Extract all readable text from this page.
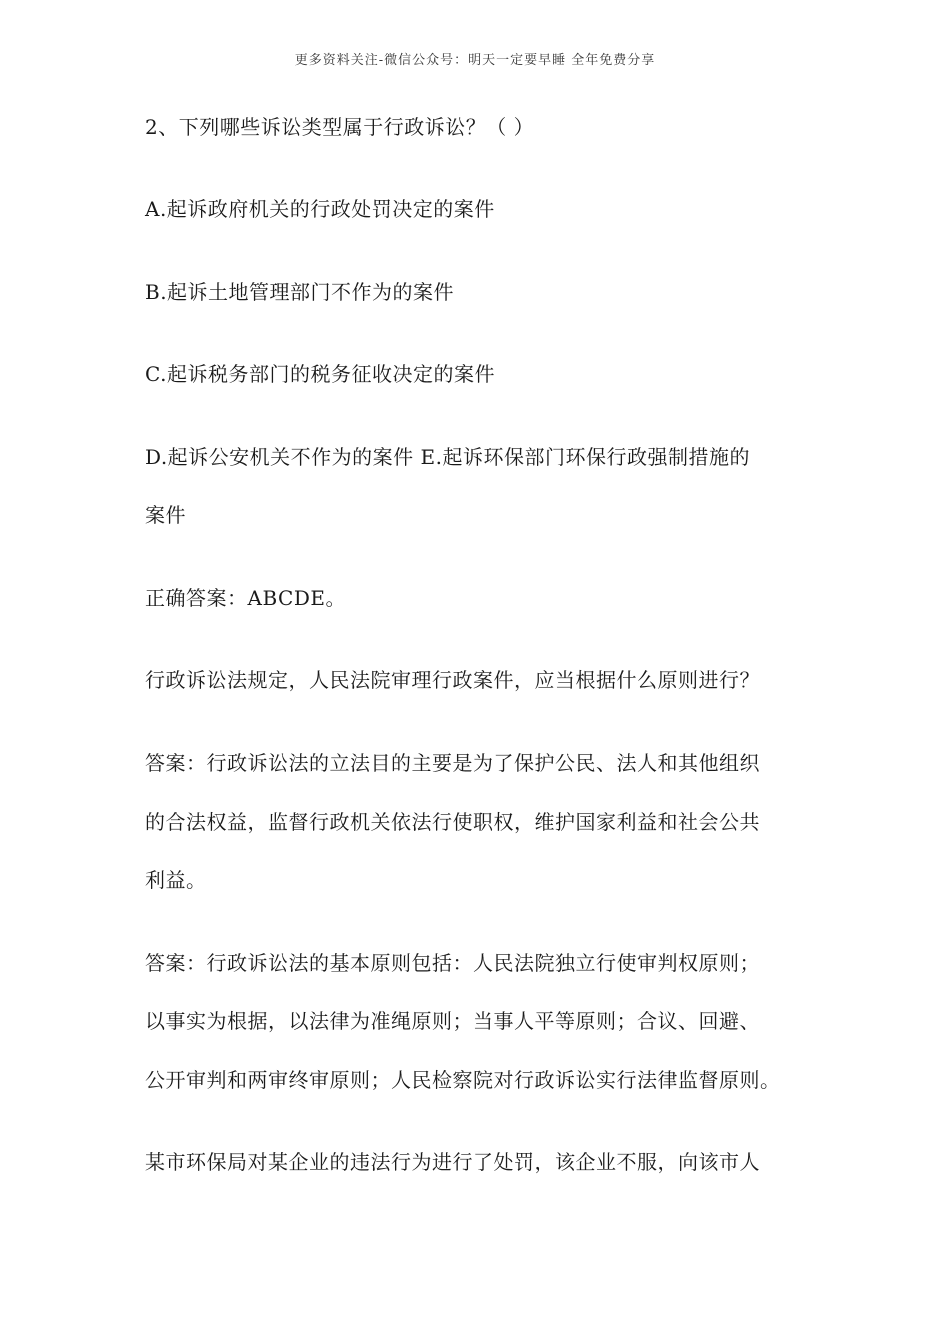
更多资料关注-微信公众号：明天一定要早睡 全年免费分享
2、下列哪些诉讼类型属于行政诉讼？（ ）
A.起诉政府机关的行政处罚决定的案件
B.起诉土地管理部门不作为的案件
C.起诉税务部门的税务征收决定的案件
D.起诉公安机关不作为的案件 E.起诉环保部门环保行政强制措施的
案件
正确答案：ABCDE。
行政诉讼法规定，人民法院审理行政案件，应当根据什么原则进行？
答案：行政诉讼法的立法目的主要是为了保护公民、法人和其他组织
的合法权益，监督行政机关依法行使职权，维护国家利益和社会公共
利益。
答案：行政诉讼法的基本原则包括：人民法院独立行使审判权原则；
以事实为根据，以法律为准绳原则；当事人平等原则；合议、回避、
公开审判和两审终审原则；人民检察院对行政诉讼实行法律监督原则。
某市环保局对某企业的违法行为进行了处罚，该企业不服，向该市人
